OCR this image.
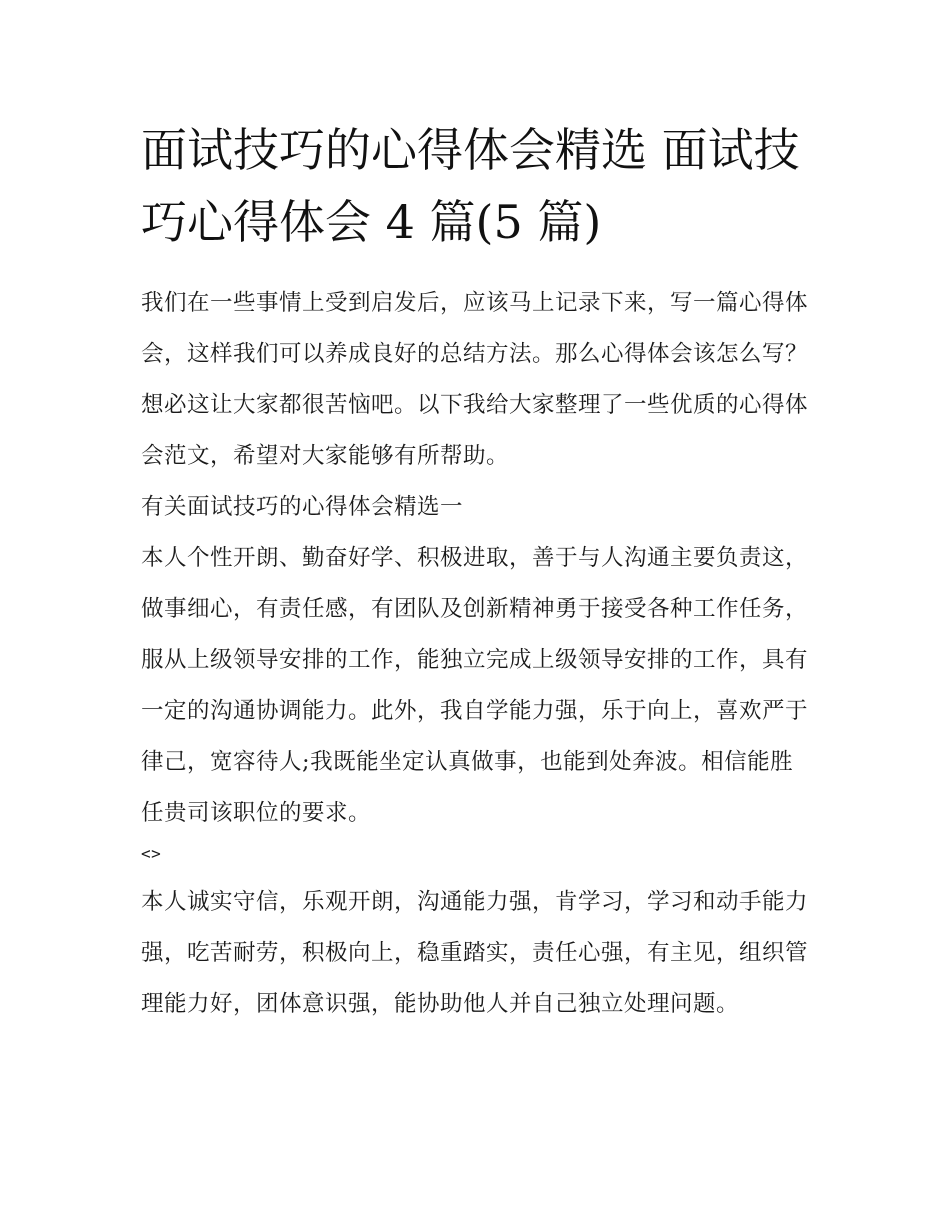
面试技巧的心得体会精选 面试技巧心得体会 4 篇(5 篇)

我们在一些事情上受到启发后，应该马上记录下来，写一篇心得体会，这样我们可以养成良好的总结方法。那么心得体会该怎么写？想必这让大家都很苦恼吧。以下我给大家整理了一些优质的心得体会范文，希望对大家能够有所帮助。

有关面试技巧的心得体会精选一

本人个性开朗、勤奋好学、积极进取，善于与人沟通主要负责这，做事细心，有责任感，有团队及创新精神勇于接受各种工作任务，服从上级领导安排的工作，能独立完成上级领导安排的工作，具有一定的沟通协调能力。此外，我自学能力强，乐于向上，喜欢严于律己，宽容待人;我既能坐定认真做事，也能到处奔波。相信能胜任贵司该职位的要求。

<>

本人诚实守信，乐观开朗，沟通能力强，肯学习，学习和动手能力强，吃苦耐劳，积极向上，稳重踏实，责任心强，有主见，组织管理能力好，团体意识强，能协助他人并自己独立处理问题。
